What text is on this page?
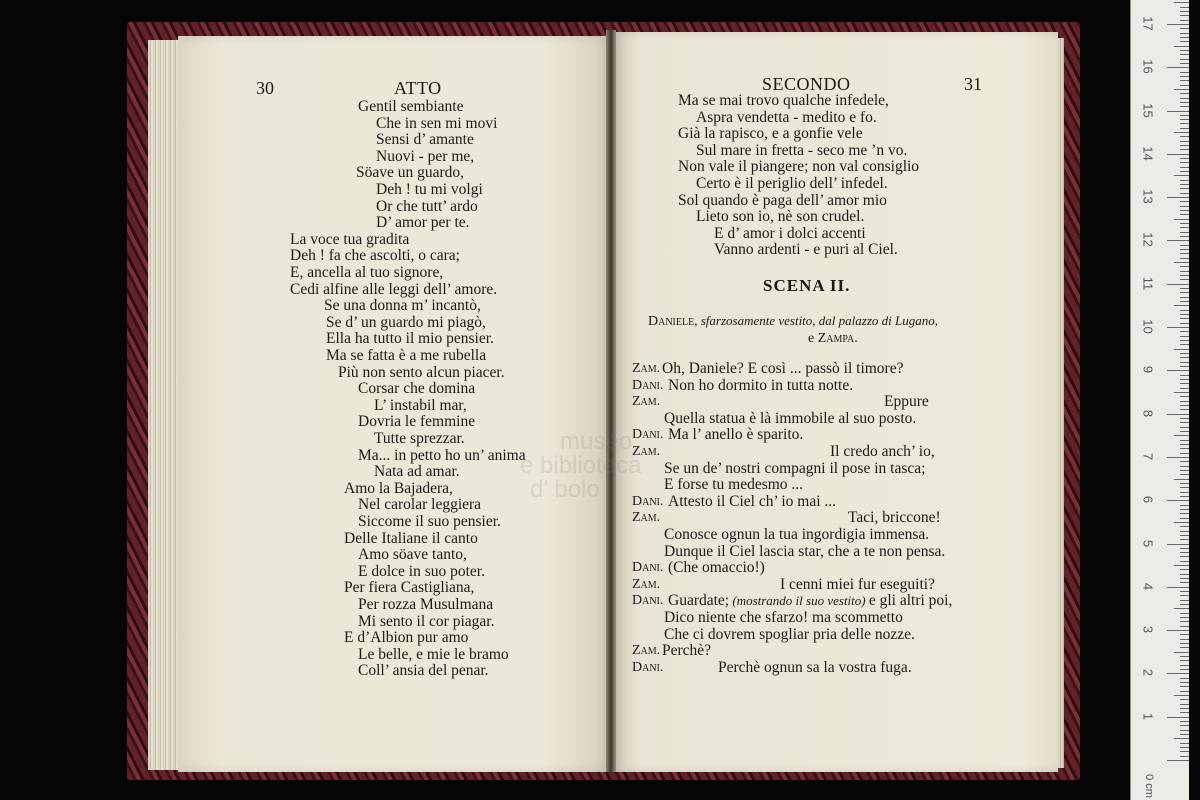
30	ATTO
Gentil sembiante
Che in sen mi movi
Sensi d’ amante
Nuovi - per me,
Söave un guardo,
Deh ! tu mi volgi
Or che tutt’ ardo
D’ amor per te.
La voce tua gradita
Deh ! fa che ascolti, o cara;
E, ancella al tuo signore,
Cedi alfine alle leggi dell’ amore.
Se una donna m’ incantò,
Se d’ un guardo mi piagò,
Ella ha tutto il mio pensier.
Ma se fatta è a me rubella
Più non sento alcun piacer.
Corsar che domina
L’ instabil mar,
Dovria le femmine
Tutte sprezzar.
Ma... in petto ho un’ anima
Nata ad amar.
Amo la Bajadera,
Nel carolar leggiera
Siccome il suo pensier.
Delle Italiane il canto
Amo söave tanto,
E dolce in suo poter.
Per fiera Castigliana,
Per rozza Musulmana
Mi sento il cor piagar.
E d’Albion pur amo
Le belle, e mie le bramo
Coll’ ansia del penar.
SECONDO	31
Ma se mai trovo qualche infedele,
Aspra vendetta - medito e fo.
Già la rapisco, e a gonfie vele
Sul mare in fretta - seco me ’n vo.
Non vale il piangere; non val consiglio
Certo è il periglio dell’ infedel.
Sol quando è paga dell’ amor mio
Lieto son io, nè son crudel.
E d’ amor i dolci accenti
Vanno ardenti - e puri al Ciel.
SCENA II.
Daniele, sfarzosamente vestito, dal palazzo di Lugano,
e Zampa.
Zam. Oh, Daniele? E così ... passò il timore?
Dani. Non ho dormito in tutta notte.
Zam.	Eppure
Quella statua è là immobile al suo posto.
Dani. Ma l’ anello è sparito.
Zam.	Il credo anch’ io,
Se un de’ nostri compagni il pose in tasca;
E forse tu medesmo ...
Dani. Attesto il Ciel ch’ io mai ...
Zam.	Taci, briccone!
Conosce ognun la tua ingordigia immensa.
Dunque il Ciel lascia star, che a te non pensa.
Dani. (Che omaccio!)
Zam.	I cenni miei fur eseguiti?
Dani. Guardate; (mostrando il suo vestito) e gli altri poi,
Dico niente che sfarzo! ma scommetto
Che ci dovrem spogliar pria delle nozze.
Zam. Perchè?
Dani.	Perchè ognun sa la vostra fuga.
1
2
3
4
5
6
7
8
9
10
11
12
13
14
15
16
17
0 cm
